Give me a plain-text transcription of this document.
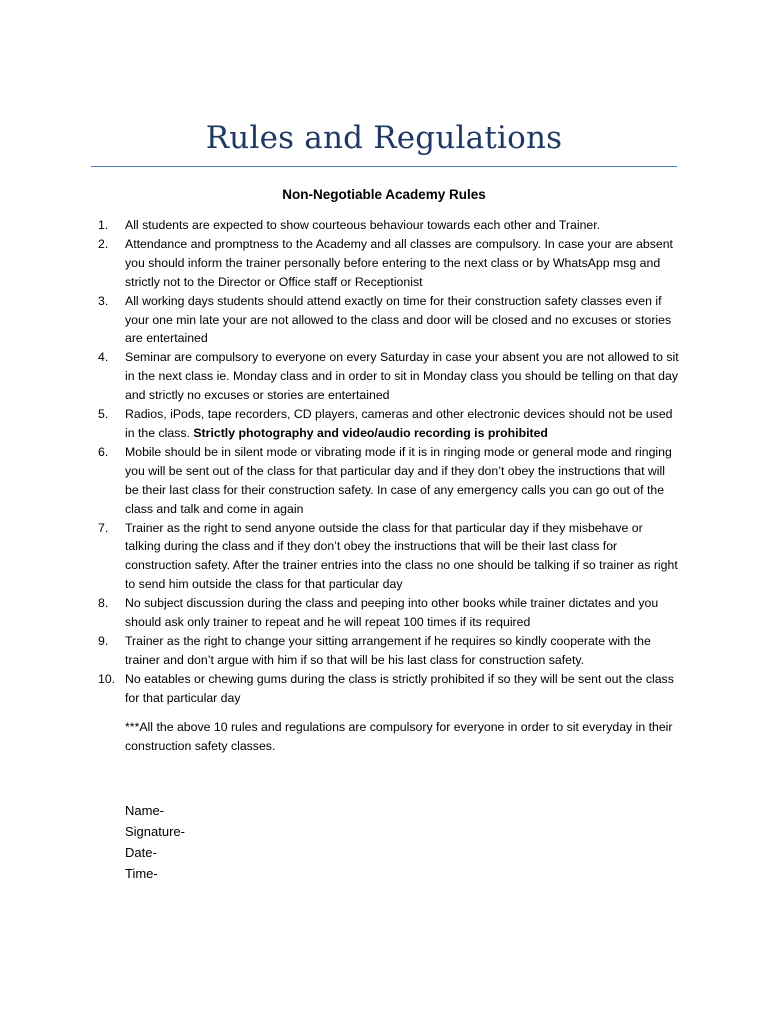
Rules and Regulations
Non-Negotiable Academy Rules
1.	All students are expected to show courteous behaviour towards each other and Trainer.
2.	Attendance and promptness to the Academy and all classes are compulsory. In case your are absent you should inform the trainer personally before entering to the next class or by WhatsApp msg and strictly not to the Director or Office staff or Receptionist
3.	All working days students should attend exactly on time for their construction safety classes even if your one min late your are not allowed to the class and door will be closed and no excuses or stories are entertained
4.	Seminar are compulsory to everyone on every Saturday in case your absent you are not allowed to sit in the next class ie. Monday class and in order to sit in Monday class you should be telling on that day and strictly no excuses or stories are entertained
5.	Radios, iPods, tape recorders, CD players, cameras and other electronic devices should not be used in the class. Strictly photography and video/audio recording is prohibited
6.	Mobile should be in silent mode or vibrating mode if it is in ringing mode or general mode and ringing you will be sent out of the class for that particular day and if they don’t obey the instructions that will be their last class for their construction safety. In case of any emergency calls you can go out of the class and talk and come in again
7.	Trainer as the right to send anyone outside the class for that particular day if they misbehave or talking during the class and if they don’t obey the instructions that will be their last class for construction safety. After the trainer entries into the class no one should be talking if so trainer as right to send him outside the class for that particular day
8.	No subject discussion during the class and peeping into other books while trainer dictates and you should ask only trainer to repeat and he will repeat 100 times if its required
9.	Trainer as the right to change your sitting arrangement if he requires so kindly cooperate with the trainer and don’t argue with him if so that will be his last class for construction safety.
10. No eatables or chewing gums during the class is strictly prohibited if so they will be sent out the class for that particular day
***All the above 10 rules and regulations are compulsory for everyone in order to sit everyday in their construction safety classes.
Name-
Signature-
Date-
Time-
